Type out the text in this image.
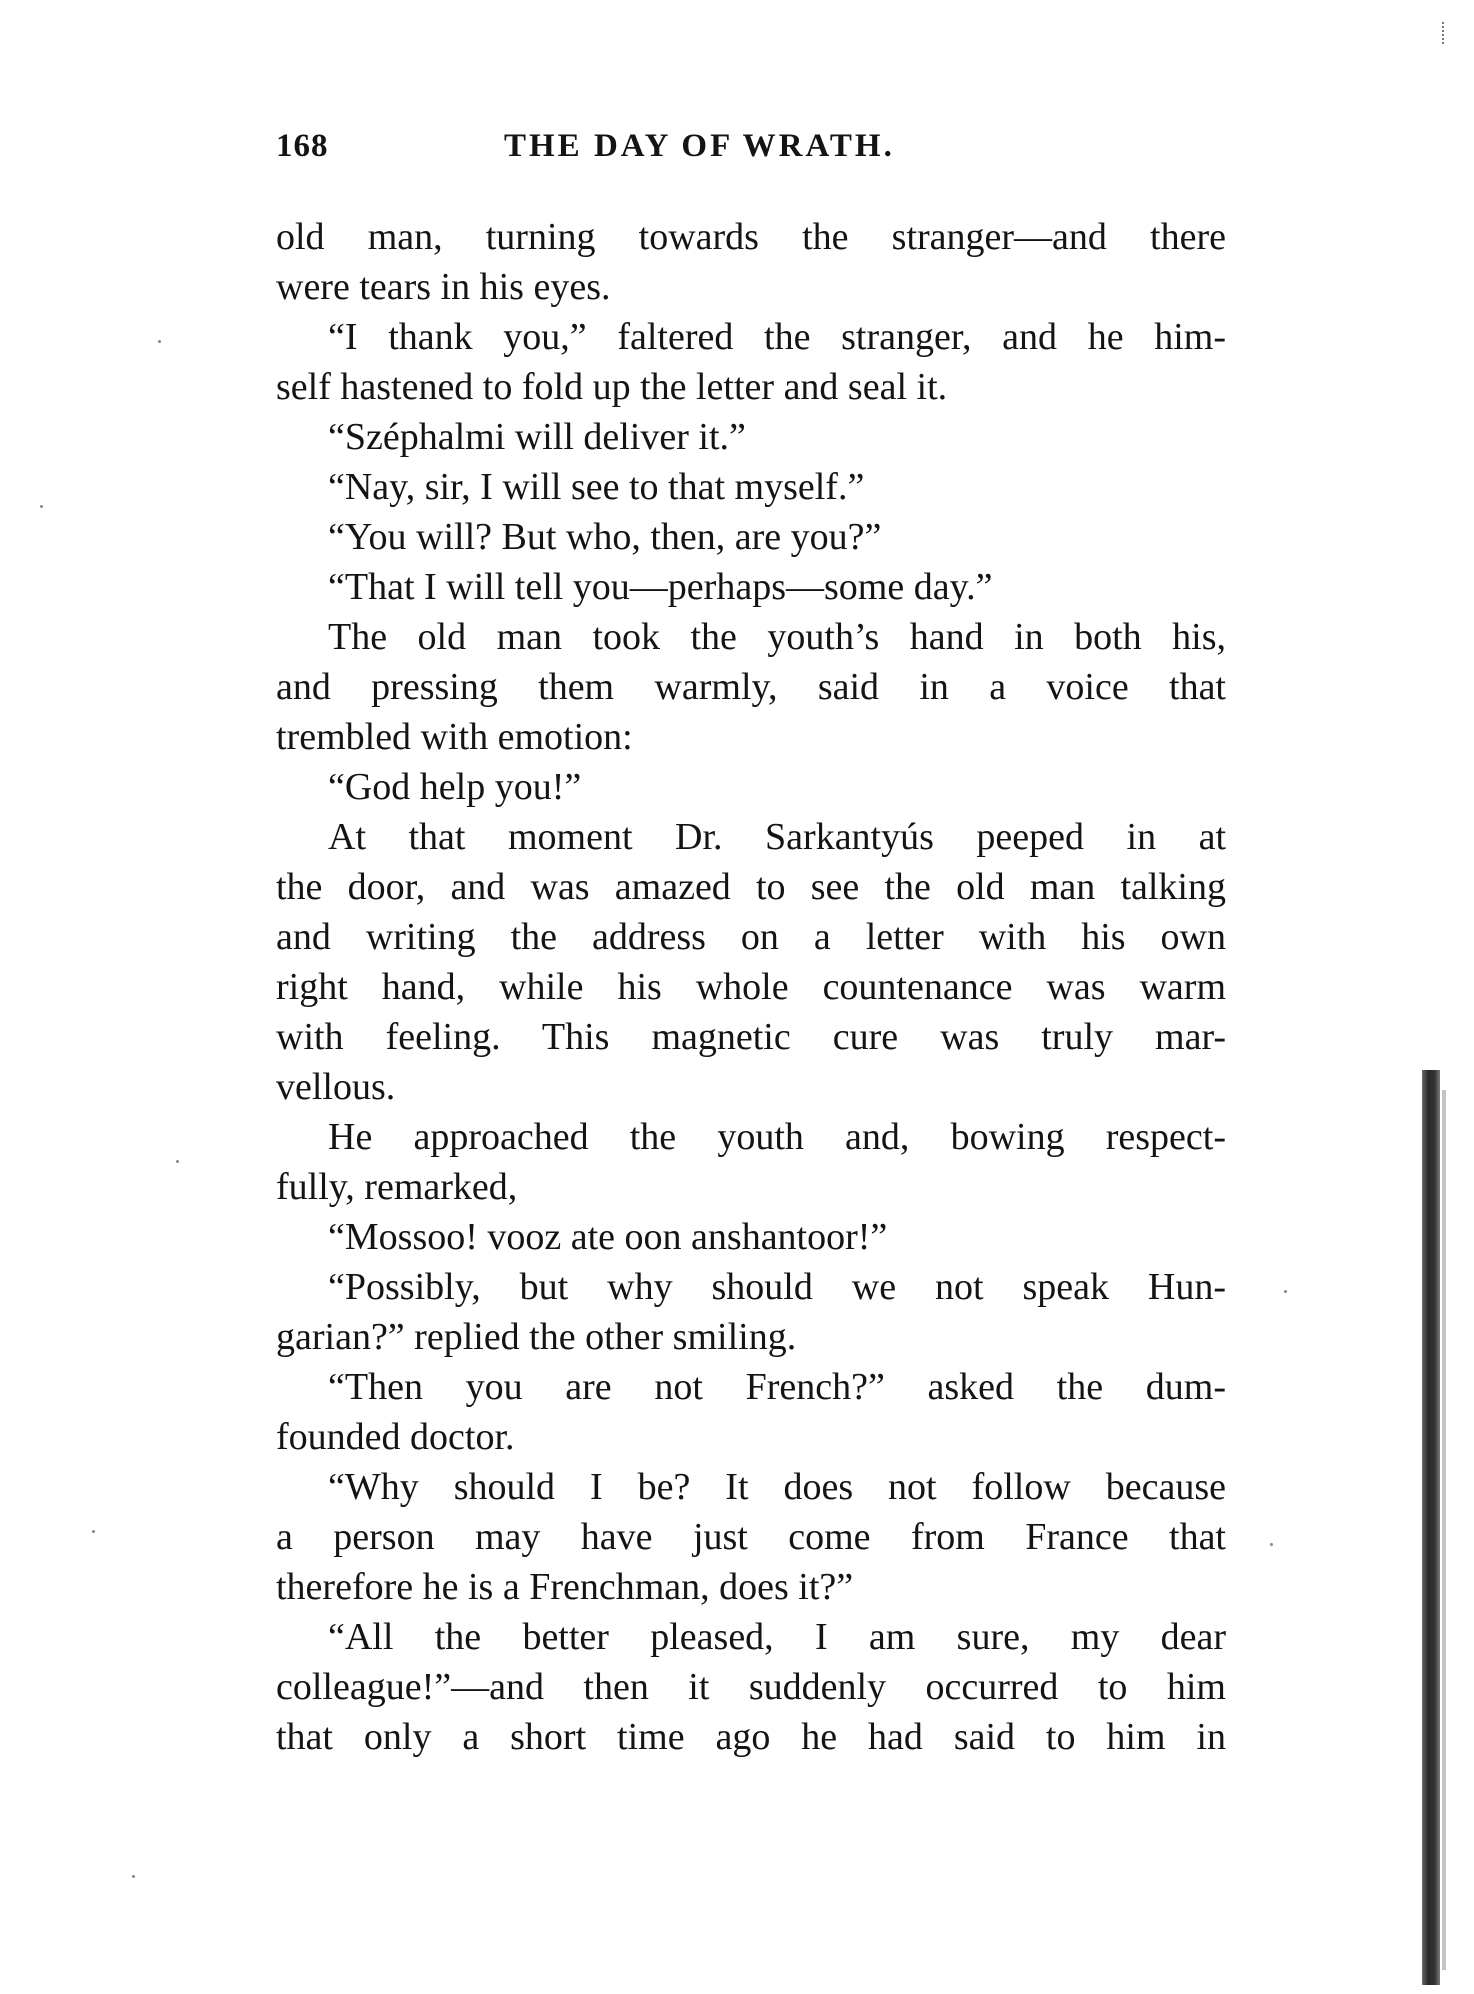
168	THE DAY OF WRATH.
old man, turning towards the stranger—and there
were tears in his eyes.
“I thank you,” faltered the stranger, and he him-
self hastened to fold up the letter and seal it.
“Széphalmi will deliver it.”
“Nay, sir, I will see to that myself.”
“You will? But who, then, are you?”
“That I will tell you—perhaps—some day.”
The old man took the youth’s hand in both his,
and pressing them warmly, said in a voice that
trembled with emotion:
“God help you!”
At that moment Dr. Sarkantyús peeped in at
the door, and was amazed to see the old man talking
and writing the address on a letter with his own
right hand, while his whole countenance was warm
with feeling. This magnetic cure was truly mar-
vellous.
He approached the youth and, bowing respect-
fully, remarked,
“Mossoo! vooz ate oon anshantoor!”
“Possibly, but why should we not speak Hun-
garian?” replied the other smiling.
“Then you are not French?” asked the dum-
founded doctor.
“Why should I be? It does not follow because
a person may have just come from France that
therefore he is a Frenchman, does it?”
“All the better pleased, I am sure, my dear
colleague!”—and then it suddenly occurred to him
that only a short time ago he had said to him in
